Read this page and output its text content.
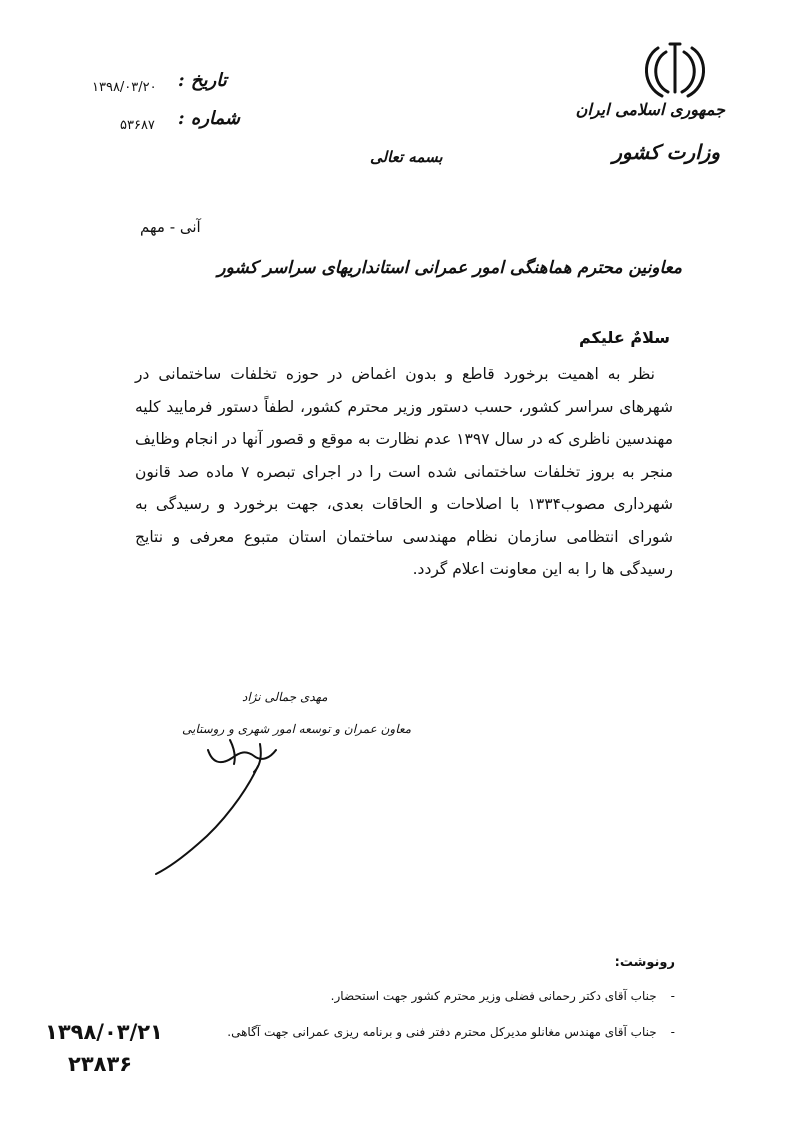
تاریخ :
۱۳۹۸/۰۳/۲۰
شماره :
۵۳۶۸۷
جمهوری اسلامی ایران
وزارت کشور
بسمه تعالی
آنی - مهم
معاونین محترم هماهنگی امور عمرانی استانداریهای سراسر کشور
سلامٌ علیکم

نظر به اهمیت برخورد قاطع و بدون اغماض در حوزه تخلفات ساختمانی در شهرهای سراسر کشور، حسب دستور وزیر محترم کشور، لطفاً دستور فرمایید کلیه مهندسین ناظری که در سال ۱۳۹۷ عدم نظارت به موقع و قصور آنها در انجام وظایف منجر به بروز تخلفات ساختمانی شده است را در اجرای تبصره ۷ ماده صد قانون شهرداری مصوب۱۳۳۴ با اصلاحات و الحاقات بعدی، جهت برخورد و رسیدگی به شورای انتظامی سازمان نظام مهندسی ساختمان استان متبوع معرفی و نتایج رسیدگی ها را به این معاونت اعلام گردد.

مهدی جمالی نژاد
معاون عمران و توسعه امور شهری و روستایی
رونوشت:
-جناب آقای دکتر رحمانی فضلی وزیر محترم کشور جهت استحضار.
-جناب آقای مهندس مغانلو مدیرکل محترم دفتر فنی و برنامه ریزی عمرانی جهت آگاهی.
۱۳۹۸/۰۳/۲۱
۲۳۸۳۶
